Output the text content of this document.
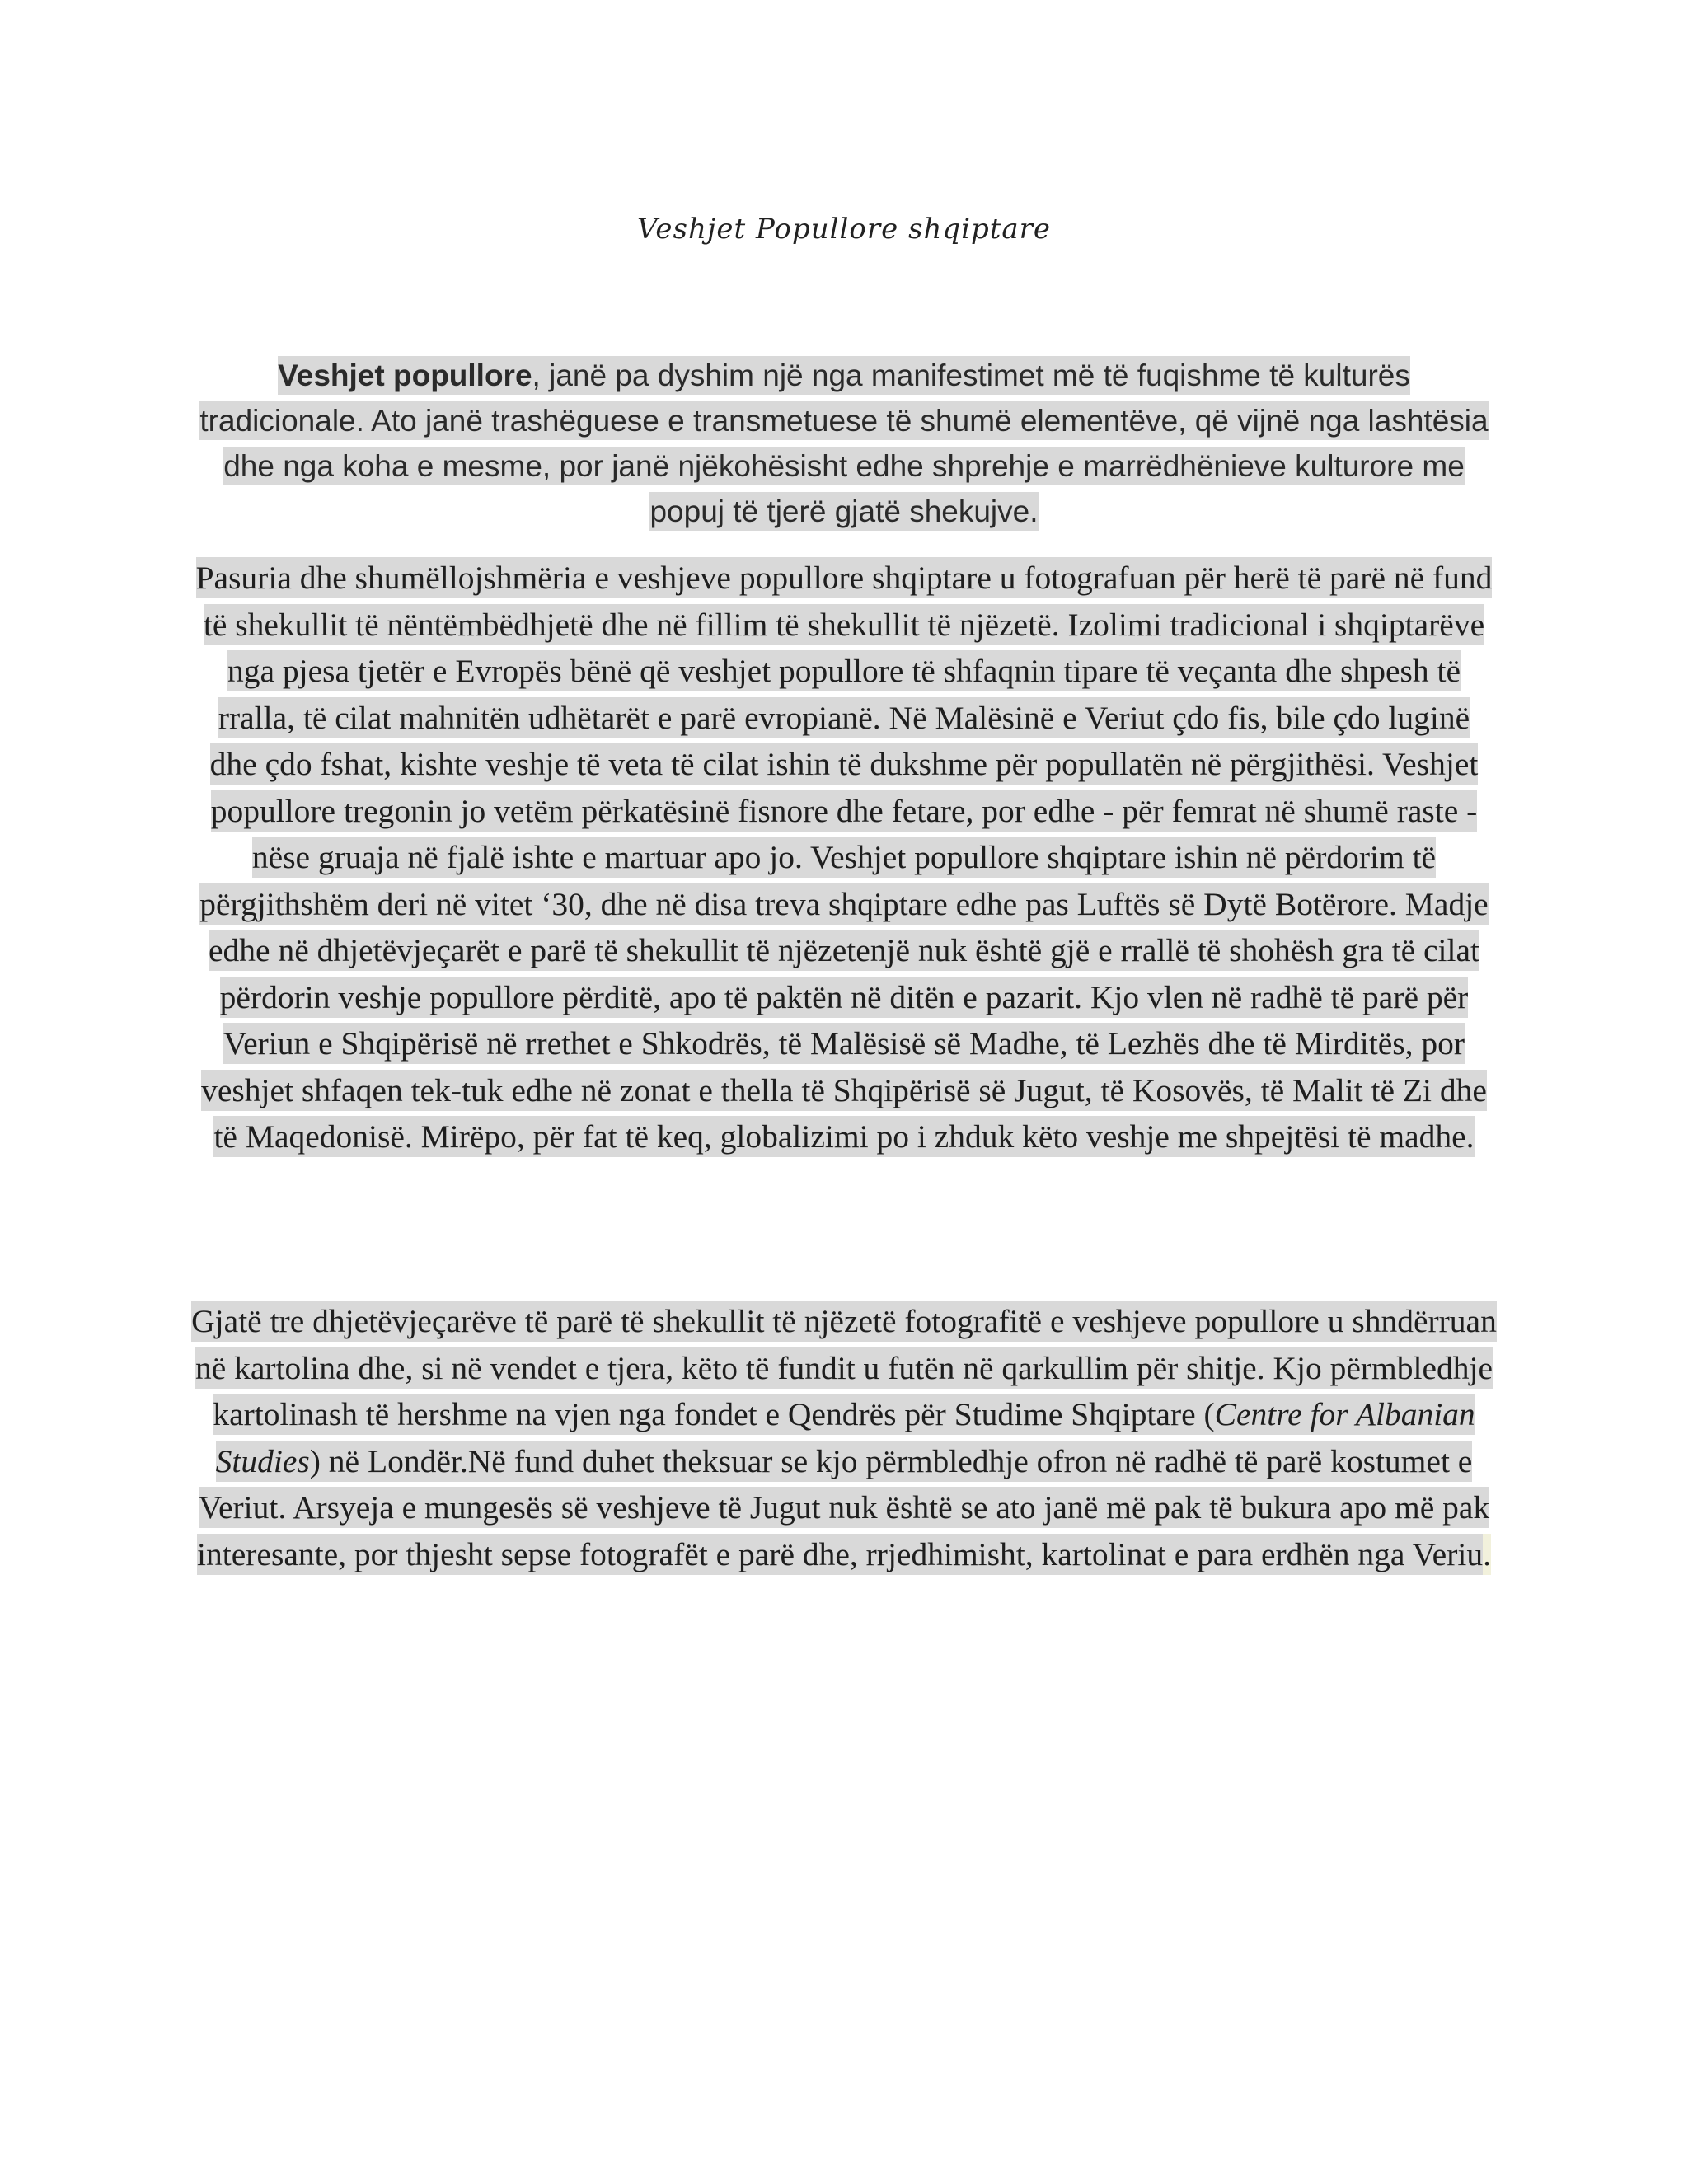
Veshjet Popullore shqiptare
Veshjet popullore, janë pa dyshim një nga manifestimet më të fuqishme të kulturës tradicionale. Ato janë trashëguese e transmetuese të shumë elementëve, që vijnë nga lashtësia dhe nga koha e mesme, por janë njëkohësisht edhe shprehje e marrëdhënieve kulturore me popuj të tjerë gjatë shekujve.
Pasuria dhe shumëllojshmëria e veshjeve popullore shqiptare u fotografuan për herë të parë në fund të shekullit të nëntëmbëdhjetë dhe në fillim të shekullit të njëzetë. Izolimi tradicional i shqiptarëve nga pjesa tjetër e Evropës bënë që veshjet popullore të shfaqnin tipare të veçanta dhe shpesh të rralla, të cilat mahnitën udhëtarët e parë evropianë. Në Malësinë e Veriut çdo fis, bile çdo luginë dhe çdo fshat, kishte veshje të veta të cilat ishin të dukshme për popullatën në përgjithësi. Veshjet popullore tregonin jo vetëm përkatësinë fisnore dhe fetare, por edhe - për femrat në shumë raste - nëse gruaja në fjalë ishte e martuar apo jo. Veshjet popullore shqiptare ishin në përdorim të përgjithshëm deri në vitet ‘30, dhe në disa treva shqiptare edhe pas Luftës së Dytë Botërore. Madje edhe në dhjetëvjeçarët e parë të shekullit të njëzetenjë nuk është gjë e rrallë të shohësh gra të cilat përdorin veshje popullore përditë, apo të paktën në ditën e pazarit. Kjo vlen në radhë të parë për Veriun e Shqipërisë në rrethet e Shkodrës, të Malësisë së Madhe, të Lezhës dhe të Mirditës, por veshjet shfaqen tek-tuk edhe në zonat e thella të Shqipërisë së Jugut, të Kosovës, të Malit të Zi dhe të Maqedonisë. Mirëpo, për fat të keq, globalizimi po i zhduk këto veshje me shpejtësi të madhe.
Gjatë tre dhjetëvjeçarëve të parë të shekullit të njëzetë fotografitë e veshjeve popullore u shndërruan në kartolina dhe, si në vendet e tjera, këto të fundit u futën në qarkullim për shitje. Kjo përmbledhje kartolinash të hershme na vjen nga fondet e Qendrës për Studime Shqiptare (Centre for Albanian Studies) në Londër.Në fund duhet theksuar se kjo përmbledhje ofron në radhë të parë kostumet e Veriut. Arsyeja e mungesës së veshjeve të Jugut nuk është se ato janë më pak të bukura apo më pak interesante, por thjesht sepse fotografët e parë dhe, rrjedhimisht, kartolinat e para erdhën nga Veriu.
